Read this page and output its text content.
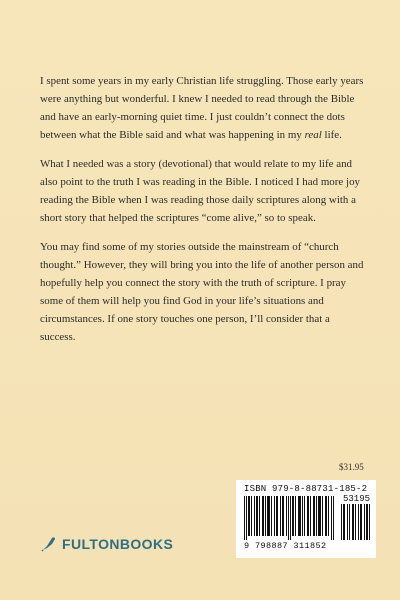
I spent some years in my early Christian life struggling. Those early years were anything but wonderful. I knew I needed to read through the Bible and have an early-morning quiet time. I just couldn’t connect the dots between what the Bible said and what was happening in my real life.

What I needed was a story (devotional) that would relate to my life and also point to the truth I was reading in the Bible. I noticed I had more joy reading the Bible when I was reading those daily scriptures along with a short story that helped the scriptures “come alive,” so to speak.

You may find some of my stories outside the mainstream of “church thought.” However, they will bring you into the life of another person and hopefully help you connect the story with the truth of scripture. I pray some of them will help you find God in your life’s situations and circumstances. If one story touches one person, I’ll consider that a success.

$31.95
ISBN 979-8-88731-185-2
53195
9 798887 311852
FULTONBOOKS
